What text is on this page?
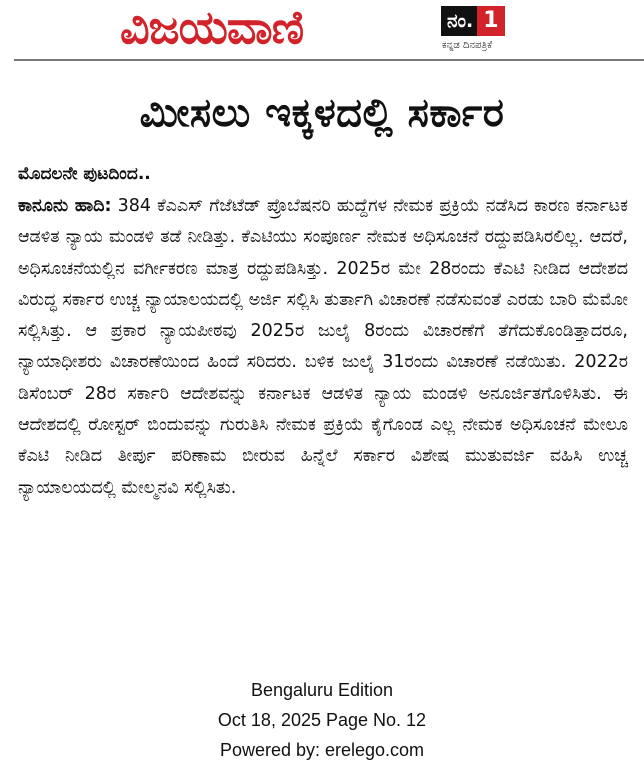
ವಿಜಯವಾಣಿ	ನಂ. 1
ಕನ್ನಡ ದಿನಪತ್ರಿಕೆ
ಮೀಸಲು ಇಕ್ಕಳದಲ್ಲಿ ಸರ್ಕಾರ
ಮೊದಲನೇ ಪುಟದಿಂದ..

ಕಾನೂನು ಹಾದಿ: 384 ಕೆಎಎಸ್ ಗೆಜೆಟೆಡ್ ಪ್ರೊಬೆಷನರಿ ಹುದ್ದೆಗಳ ನೇಮಕ ಪ್ರಕ್ರಿಯೆ ನಡೆಸಿದ ಕಾರಣ ಕರ್ನಾಟಕ ಆಡಳಿತ ನ್ಯಾಯ ಮಂಡಳಿ ತಡೆ ನೀಡಿತ್ತು. ಕೆಎಟಿಯು ಸಂಪೂರ್ಣ ನೇಮಕ ಅಧಿಸೂಚನೆ ರದ್ದುಪಡಿಸಿರಲಿಲ್ಲ. ಆದರೆ, ಅಧಿಸೂಚನೆಯಲ್ಲಿನ ವರ್ಗೀಕರಣ ಮಾತ್ರ ರದ್ದುಪಡಿಸಿತ್ತು. 2025ರ ಮೇ 28ರಂದು ಕೆಎಟಿ ನೀಡಿದ ಆದೇಶದ ವಿರುದ್ಧ ಸರ್ಕಾರ ಉಚ್ಚ ನ್ಯಾಯಾಲಯದಲ್ಲಿ ಅರ್ಜಿ ಸಲ್ಲಿಸಿ ತುರ್ತಾಗಿ ವಿಚಾರಣೆ ನಡೆಸುವಂತೆ ಎರಡು ಬಾರಿ ಮೆಮೋ ಸಲ್ಲಿಸಿತ್ತು. ಆ ಪ್ರಕಾರ ನ್ಯಾಯಪೀಠವು 2025ರ ಜುಲೈ 8ರಂದು ವಿಚಾರಣೆಗೆ ತೆಗೆದುಕೊಂಡಿತ್ತಾದರೂ, ನ್ಯಾಯಾಧೀಶರು ವಿಚಾರಣೆಯಿಂದ ಹಿಂದೆ ಸರಿದರು. ಬಳಿಕ ಜುಲೈ 31ರಂದು ವಿಚಾರಣೆ ನಡೆಯಿತು. 2022ರ ಡಿಸೆಂಬರ್ 28ರ ಸರ್ಕಾರಿ ಆದೇಶವನ್ನು ಕರ್ನಾಟಕ ಆಡಳಿತ ನ್ಯಾಯ ಮಂಡಳಿ ಅನೂರ್ಜಿತಗೊಳಿಸಿತು. ಈ ಆದೇಶದಲ್ಲಿ ರೋಸ್ಟರ್ ಬಿಂದುವನ್ನು ಗುರುತಿಸಿ ನೇಮಕ ಪ್ರಕ್ರಿಯೆ ಕೈಗೊಂಡ ಎಲ್ಲ ನೇಮಕ ಅಧಿಸೂಚನೆ ಮೇಲೂ ಕೆಎಟಿ ನೀಡಿದ ತೀರ್ಪು ಪರಿಣಾಮ ಬೀರುವ ಹಿನ್ನೆಲೆ ಸರ್ಕಾರ ವಿಶೇಷ ಮುತುವರ್ಜಿ ವಹಿಸಿ ಉಚ್ಚ ನ್ಯಾಯಾಲಯದಲ್ಲಿ ಮೇಲ್ಮನವಿ ಸಲ್ಲಿಸಿತು.

Bengaluru Edition
Oct 18, 2025 Page No. 12
Powered by: erelego.com
